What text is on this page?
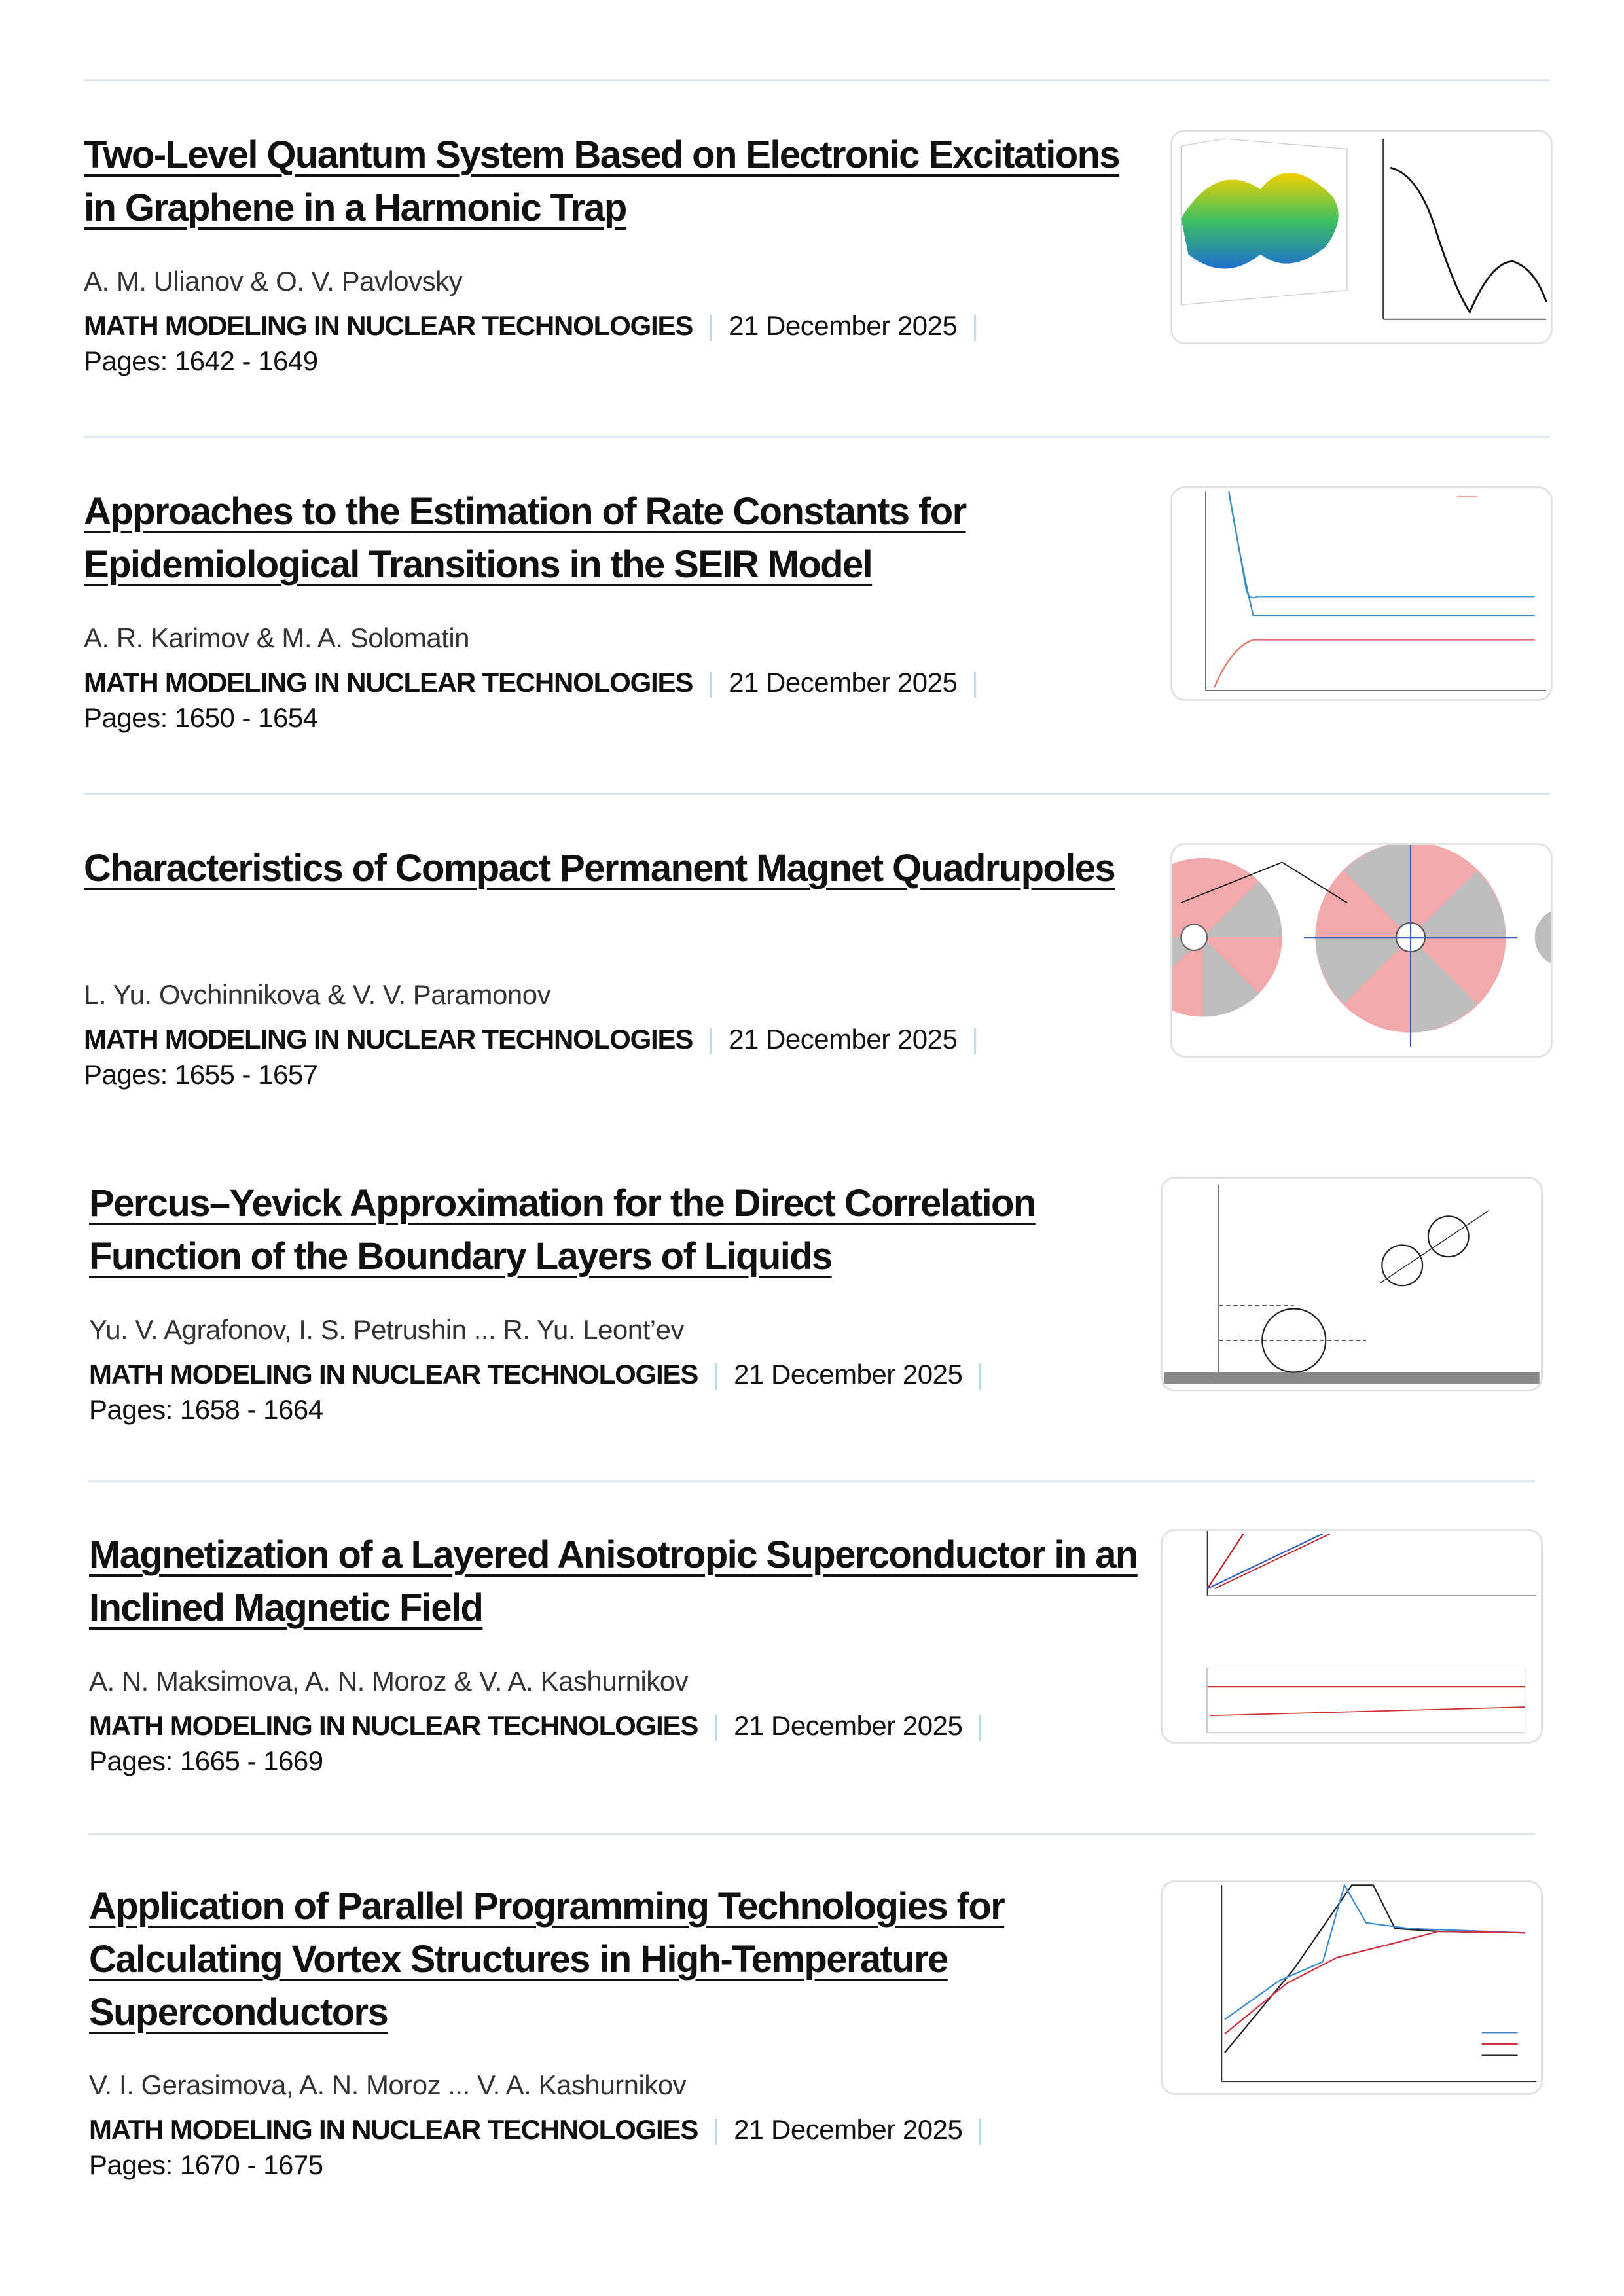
Two-Level Quantum System Based on Electronic Excitations in Graphene in a Harmonic Trap
A. M. Ulianov & O. V. Pavlovsky
MATH MODELING IN NUCLEAR TECHNOLOGIES 21 December 2025
Pages: 1642 - 1649
Approaches to the Estimation of Rate Constants for Epidemiological Transitions in the SEIR Model
A. R. Karimov & M. A. Solomatin
MATH MODELING IN NUCLEAR TECHNOLOGIES 21 December 2025
Pages: 1650 - 1654
Characteristics of Compact Permanent Magnet Quadrupoles
L. Yu. Ovchinnikova & V. V. Paramonov
MATH MODELING IN NUCLEAR TECHNOLOGIES 21 December 2025
Pages: 1655 - 1657
Percus–Yevick Approximation for the Direct Correlation Function of the Boundary Layers of Liquids
Yu. V. Agrafonov, I. S. Petrushin ... R. Yu. Leont’ev
MATH MODELING IN NUCLEAR TECHNOLOGIES 21 December 2025
Pages: 1658 - 1664
Magnetization of a Layered Anisotropic Superconductor in an Inclined Magnetic Field
A. N. Maksimova, A. N. Moroz & V. A. Kashurnikov
MATH MODELING IN NUCLEAR TECHNOLOGIES 21 December 2025
Pages: 1665 - 1669
Application of Parallel Programming Technologies for Calculating Vortex Structures in High-Temperature Superconductors
V. I. Gerasimova, A. N. Moroz ... V. A. Kashurnikov
MATH MODELING IN NUCLEAR TECHNOLOGIES 21 December 2025
Pages: 1670 - 1675
